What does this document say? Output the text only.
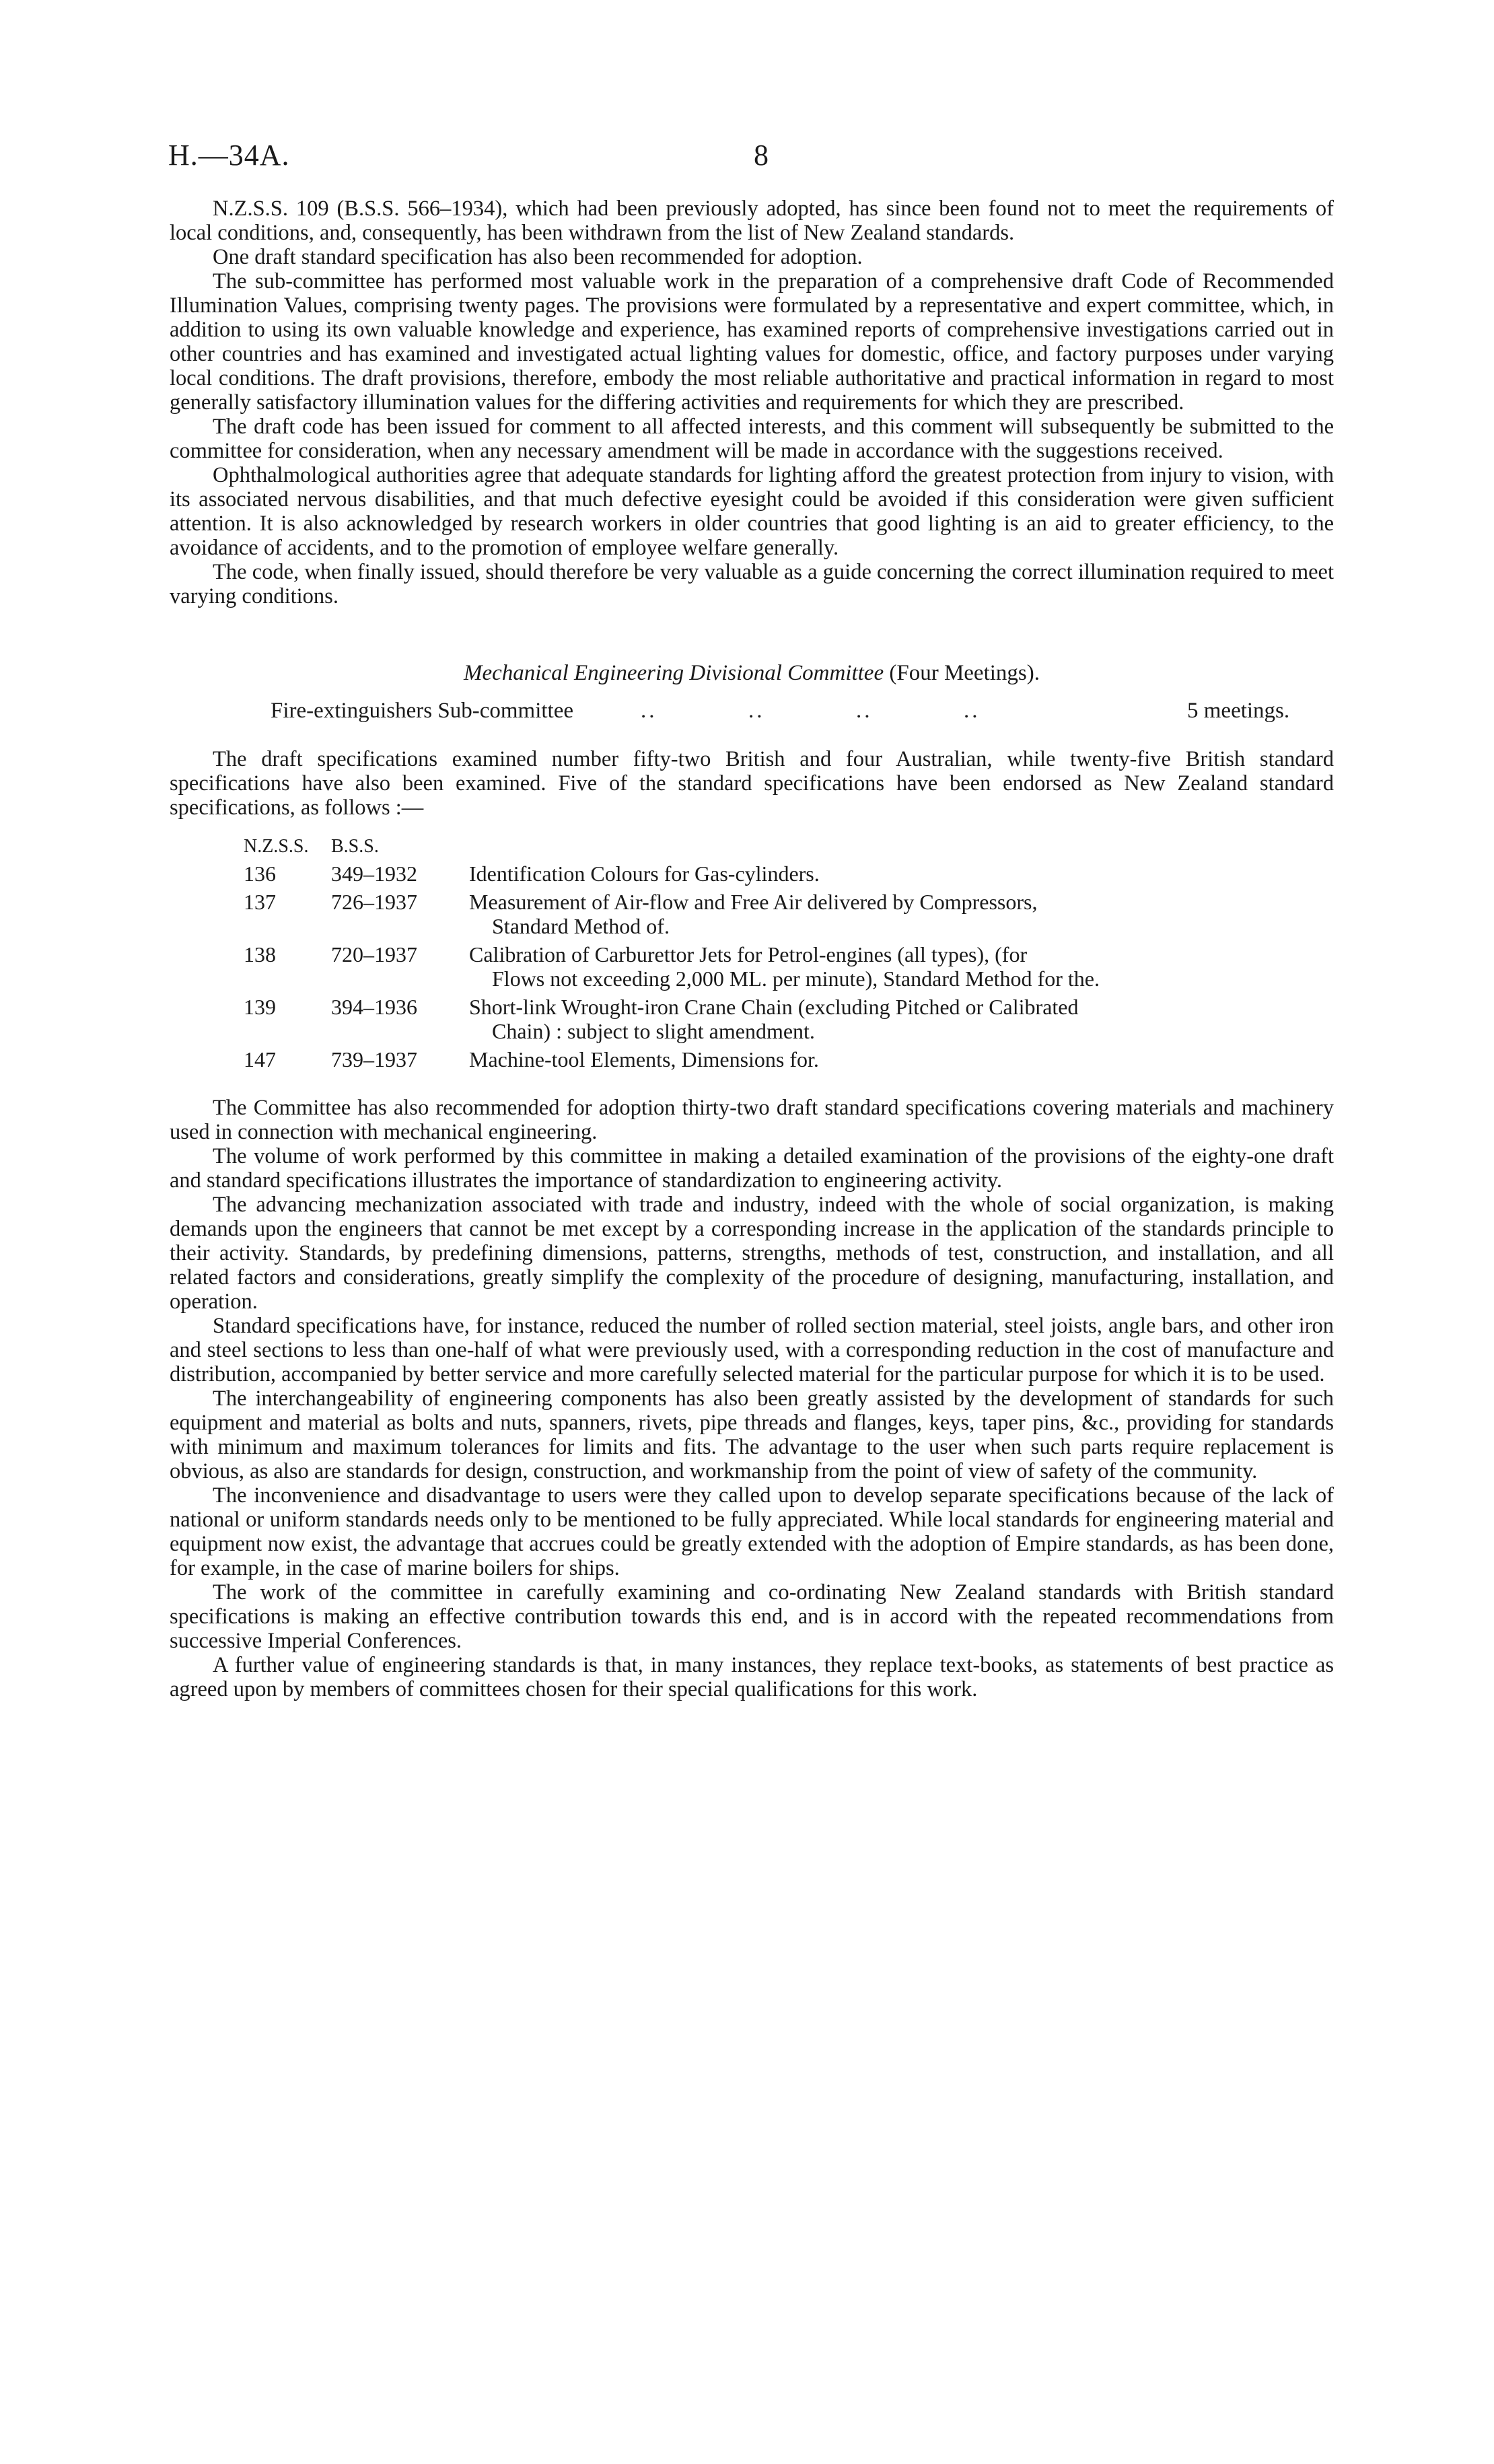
H.—34A.	8

N.Z.S.S. 109 (B.S.S. 566–1934), which had been previously adopted, has since been found not to meet the requirements of local conditions, and, consequently, has been withdrawn from the list of New Zealand standards.

One draft standard specification has also been recommended for adoption.

The sub-committee has performed most valuable work in the preparation of a comprehensive draft Code of Recommended Illumination Values, comprising twenty pages. The provisions were formulated by a representative and expert committee, which, in addition to using its own valuable knowledge and experience, has examined reports of comprehensive investigations carried out in other countries and has examined and investigated actual lighting values for domestic, office, and factory purposes under varying local conditions. The draft provisions, therefore, embody the most reliable authoritative and practical information in regard to most generally satisfactory illumination values for the differing activities and requirements for which they are prescribed.

The draft code has been issued for comment to all affected interests, and this comment will subsequently be submitted to the committee for consideration, when any necessary amendment will be made in accordance with the suggestions received.

Ophthalmological authorities agree that adequate standards for lighting afford the greatest protection from injury to vision, with its associated nervous disabilities, and that much defective eyesight could be avoided if this consideration were given sufficient attention. It is also acknowledged by research workers in older countries that good lighting is an aid to greater efficiency, to the avoidance of accidents, and to the promotion of employee welfare generally.

The code, when finally issued, should therefore be very valuable as a guide concerning the correct illumination required to meet varying conditions.

Mechanical Engineering Divisional Committee (Four Meetings).
Fire-extinguishers Sub-committee	..	..	..	..	5 meetings.

The draft specifications examined number fifty-two British and four Australian, while twenty-five British standard specifications have also been examined. Five of the standard specifications have been endorsed as New Zealand standard specifications, as follows :—

N.Z.S.S.	B.S.S.	
136	349–1932	Identification Colours for Gas-cylinders.
137	726–1937	Measurement of Air-flow and Free Air delivered by Compressors,
Standard Method of.

138	720–1937	Calibration of Carburettor Jets for Petrol-engines (all types), (for
Flows not exceeding 2,000 ML. per minute), Standard Method for the.

139	394–1936	Short-link Wrought-iron Crane Chain (excluding Pitched or Calibrated
Chain) : subject to slight amendment.

147	739–1937	Machine-tool Elements, Dimensions for.

The Committee has also recommended for adoption thirty-two draft standard specifications covering materials and machinery used in connection with mechanical engineering.

The volume of work performed by this committee in making a detailed examination of the provisions of the eighty-one draft and standard specifications illustrates the importance of standardization to engineering activity.

The advancing mechanization associated with trade and industry, indeed with the whole of social organization, is making demands upon the engineers that cannot be met except by a corresponding increase in the application of the standards principle to their activity. Standards, by predefining dimensions, patterns, strengths, methods of test, construction, and installation, and all related factors and considerations, greatly simplify the complexity of the procedure of designing, manufacturing, installation, and operation.

Standard specifications have, for instance, reduced the number of rolled section material, steel joists, angle bars, and other iron and steel sections to less than one-half of what were previously used, with a corresponding reduction in the cost of manufacture and distribution, accompanied by better service and more carefully selected material for the particular purpose for which it is to be used.

The interchangeability of engineering components has also been greatly assisted by the development of standards for such equipment and material as bolts and nuts, spanners, rivets, pipe threads and flanges, keys, taper pins, &c., providing for standards with minimum and maximum tolerances for limits and fits. The advantage to the user when such parts require replacement is obvious, as also are standards for design, construction, and workmanship from the point of view of safety of the community.

The inconvenience and disadvantage to users were they called upon to develop separate specifications because of the lack of national or uniform standards needs only to be mentioned to be fully appreciated. While local standards for engineering material and equipment now exist, the advantage that accrues could be greatly extended with the adoption of Empire standards, as has been done, for example, in the case of marine boilers for ships.

The work of the committee in carefully examining and co-ordinating New Zealand standards with British standard specifications is making an effective contribution towards this end, and is in accord with the repeated recommendations from successive Imperial Conferences.

A further value of engineering standards is that, in many instances, they replace text-books, as statements of best practice as agreed upon by members of committees chosen for their special qualifications for this work.
